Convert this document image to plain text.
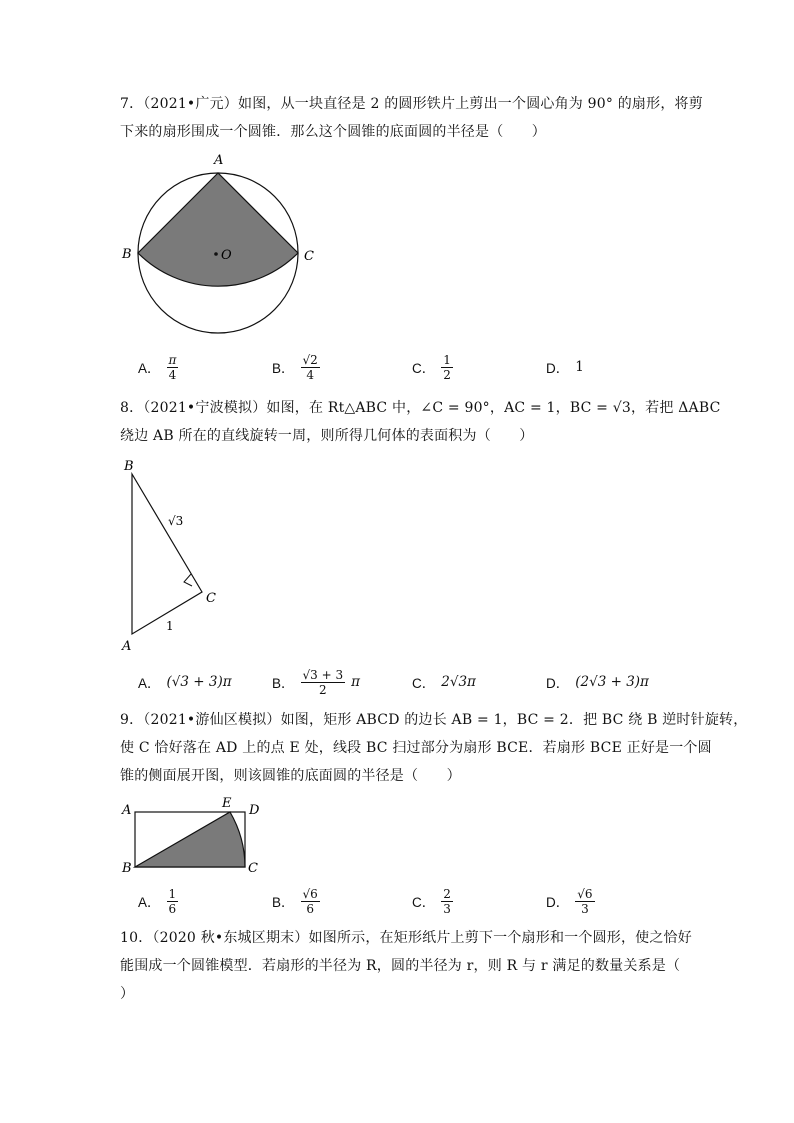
7．（2021•广元）如图，从一块直径是 2 的圆形铁片上剪出一个圆心角为 90° 的扇形，将剪
下来的扇形围成一个圆锥．那么这个圆锥的底面圆的半径是（　　）
A
B	C
O
A． $\frac{\pi}{4}$	B． $\frac{√2}{4}$	C． $\frac{1}{2}$	D． 1
8．（2021•宁波模拟）如图，在 Rt△ABC 中，∠C = 90°，AC = 1，BC = √3，若把 ΔABC
绕边 AB 所在的直线旋转一周，则所得几何体的表面积为（　　）
B
C
A
√3
1
A． (√3 + 3)π	B． $\frac{√3 + 3}{2}$ π	C． 2√3π	D． (2√3 + 3)π
9．（2021•游仙区模拟）如图，矩形 ABCD 的边长 AB = 1，BC = 2．把 BC 绕 B 逆时针旋转，
使 C 恰好落在 AD 上的点 E 处，线段 BC 扫过部分为扇形 BCE．若扇形 BCE 正好是一个圆
锥的侧面展开图，则该圆锥的底面圆的半径是（　　）
A	E D
B	C
A． $\frac{1}{6}$	B． $\frac{√6}{6}$	C． $\frac{2}{3}$	D． $\frac{√6}{3}$
10．（2020 秋•东城区期末）如图所示，在矩形纸片上剪下一个扇形和一个圆形，使之恰好
能围成一个圆锥模型．若扇形的半径为 R，圆的半径为 r，则 R 与 r 满足的数量关系是（
）
